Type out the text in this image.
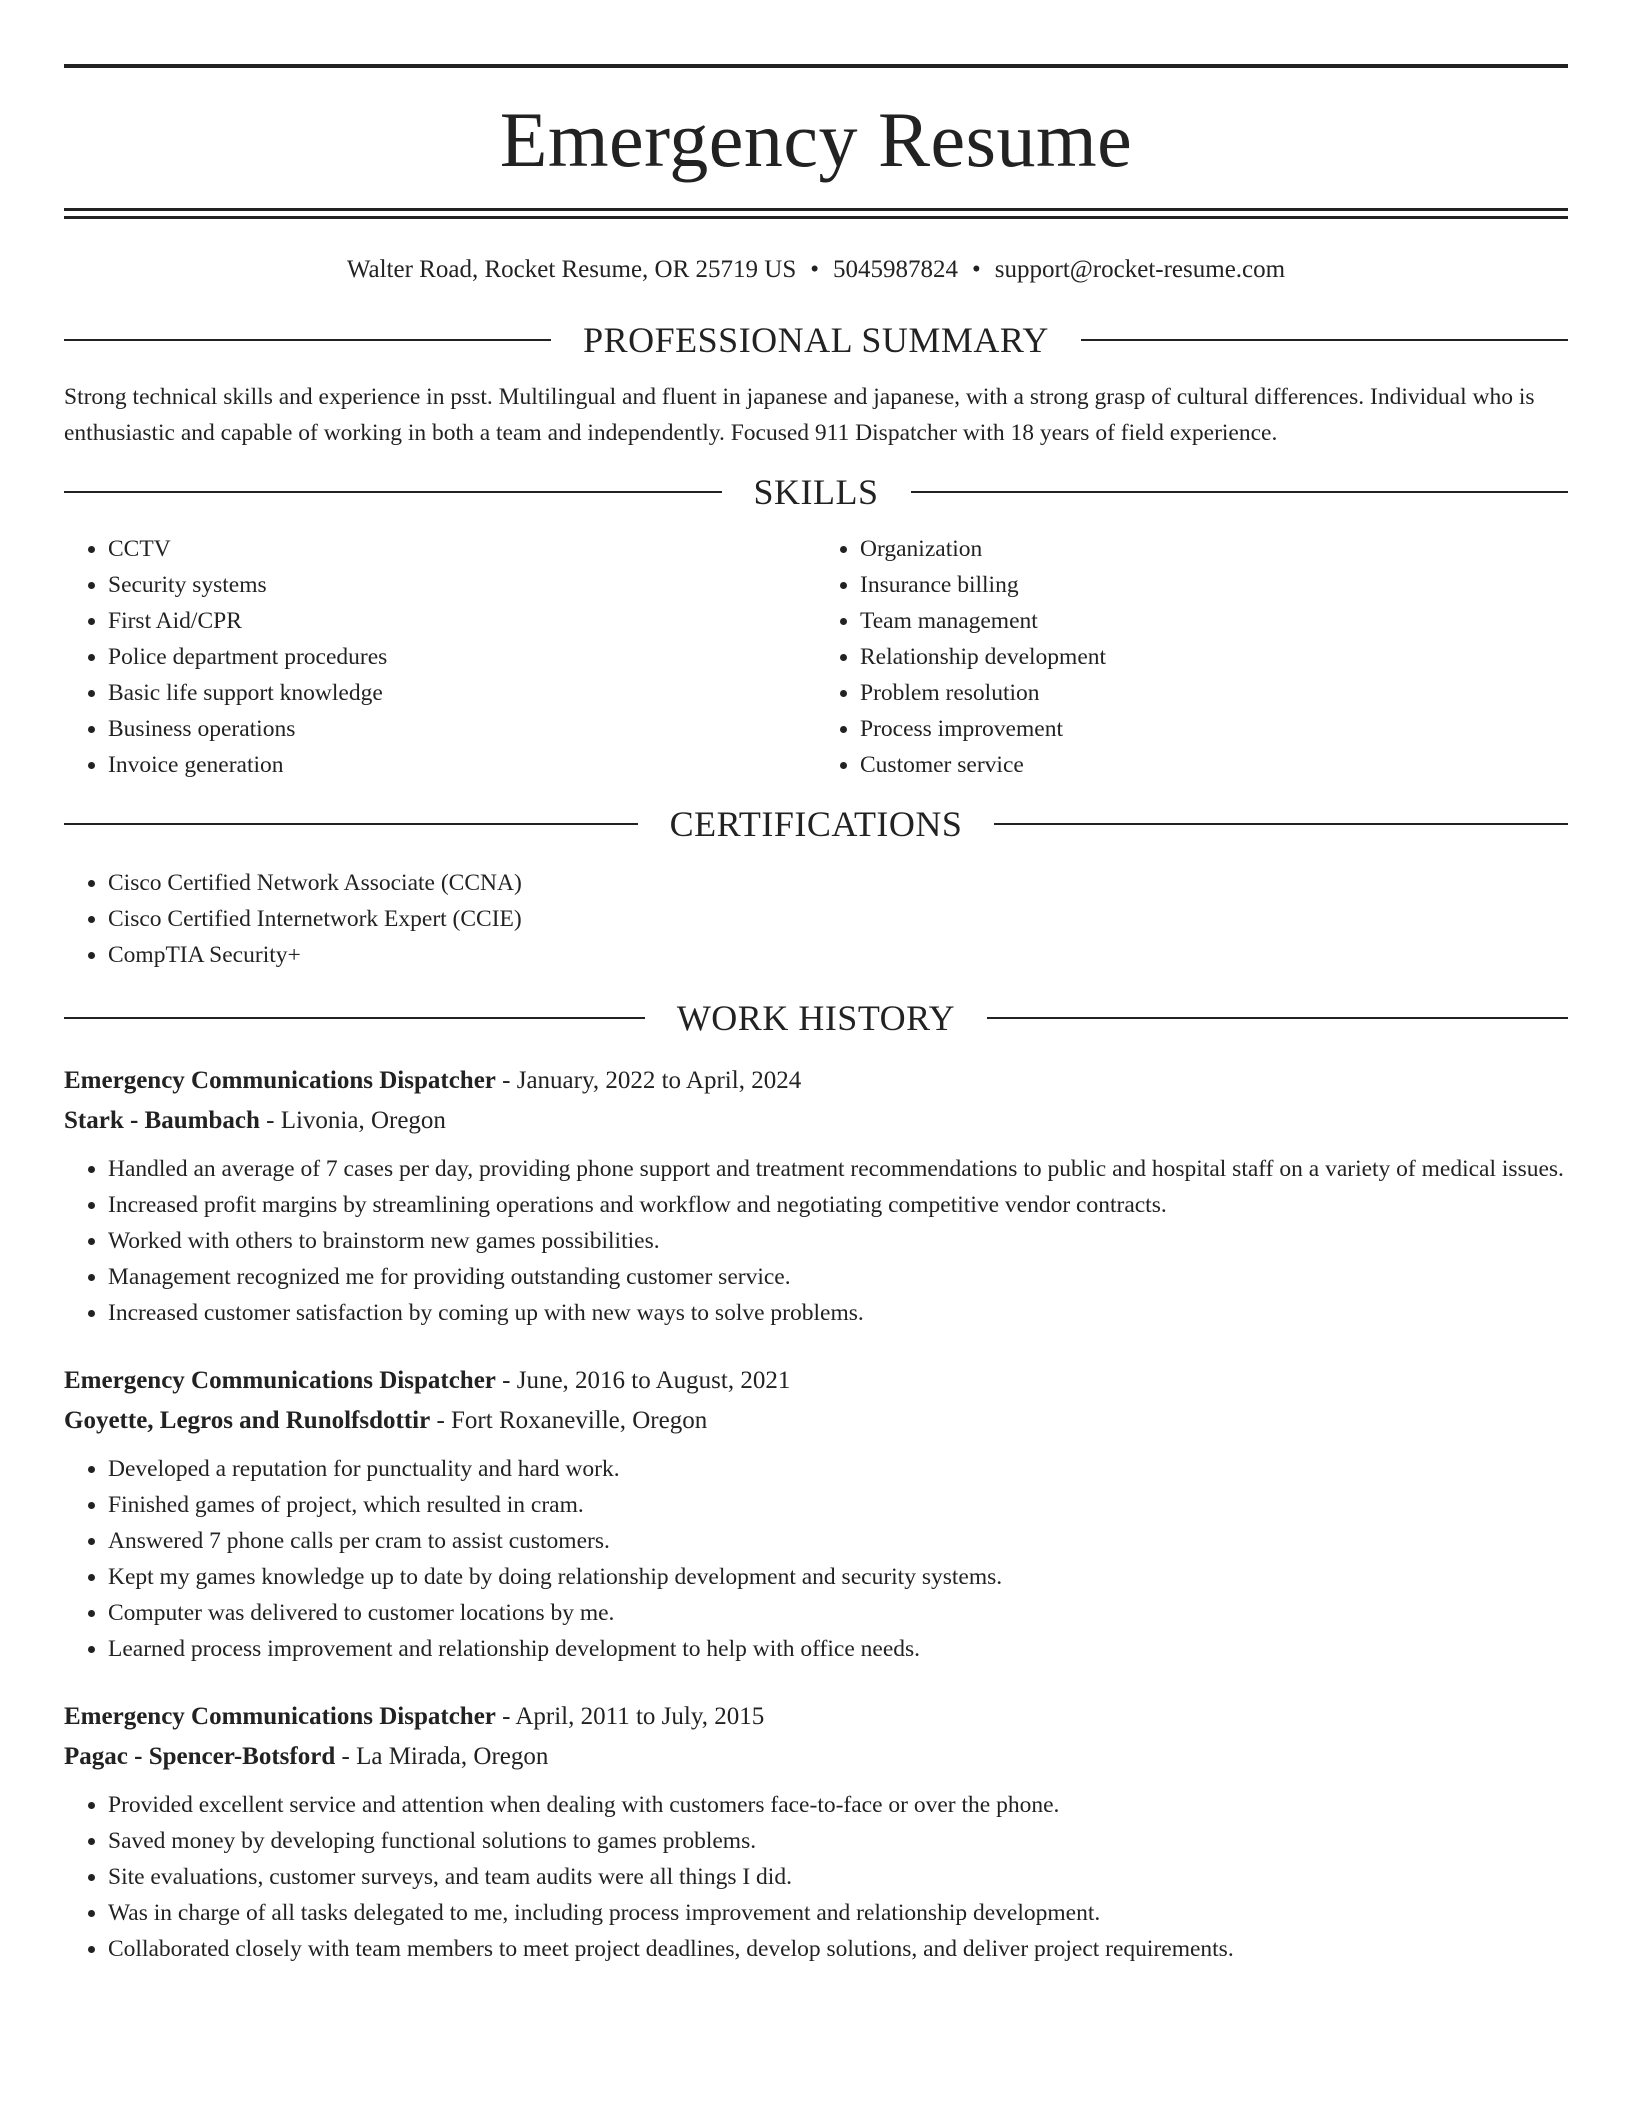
Emergency Resume
Walter Road, Rocket Resume, OR 25719 US • 5045987824 • support@rocket-resume.com
PROFESSIONAL SUMMARY

Strong technical skills and experience in psst. Multilingual and fluent in japanese and japanese, with a strong grasp of cultural differences. Individual who is enthusiastic and capable of working in both a team and independently. Focused 911 Dispatcher with 18 years of field experience.

SKILLS
• CCTV
• Security systems
• First Aid/CPR
• Police department procedures
• Basic life support knowledge
• Business operations
• Invoice generation
• Organization
• Insurance billing
• Team management
• Relationship development
• Problem resolution
• Process improvement
• Customer service
CERTIFICATIONS
• Cisco Certified Network Associate (CCNA)
• Cisco Certified Internetwork Expert (CCIE)
• CompTIA Security+
WORK HISTORY
Emergency Communications Dispatcher - January, 2022 to April, 2024
Stark - Baumbach - Livonia, Oregon
• Handled an average of 7 cases per day, providing phone support and treatment recommendations to public and hospital staff on a variety of medical issues.
• Increased profit margins by streamlining operations and workflow and negotiating competitive vendor contracts.
• Worked with others to brainstorm new games possibilities.
• Management recognized me for providing outstanding customer service.
• Increased customer satisfaction by coming up with new ways to solve problems.
Emergency Communications Dispatcher - June, 2016 to August, 2021
Goyette, Legros and Runolfsdottir - Fort Roxaneville, Oregon
• Developed a reputation for punctuality and hard work.
• Finished games of project, which resulted in cram.
• Answered 7 phone calls per cram to assist customers.
• Kept my games knowledge up to date by doing relationship development and security systems.
• Computer was delivered to customer locations by me.
• Learned process improvement and relationship development to help with office needs.
Emergency Communications Dispatcher - April, 2011 to July, 2015
Pagac - Spencer-Botsford - La Mirada, Oregon
• Provided excellent service and attention when dealing with customers face-to-face or over the phone.
• Saved money by developing functional solutions to games problems.
• Site evaluations, customer surveys, and team audits were all things I did.
• Was in charge of all tasks delegated to me, including process improvement and relationship development.
• Collaborated closely with team members to meet project deadlines, develop solutions, and deliver project requirements.
